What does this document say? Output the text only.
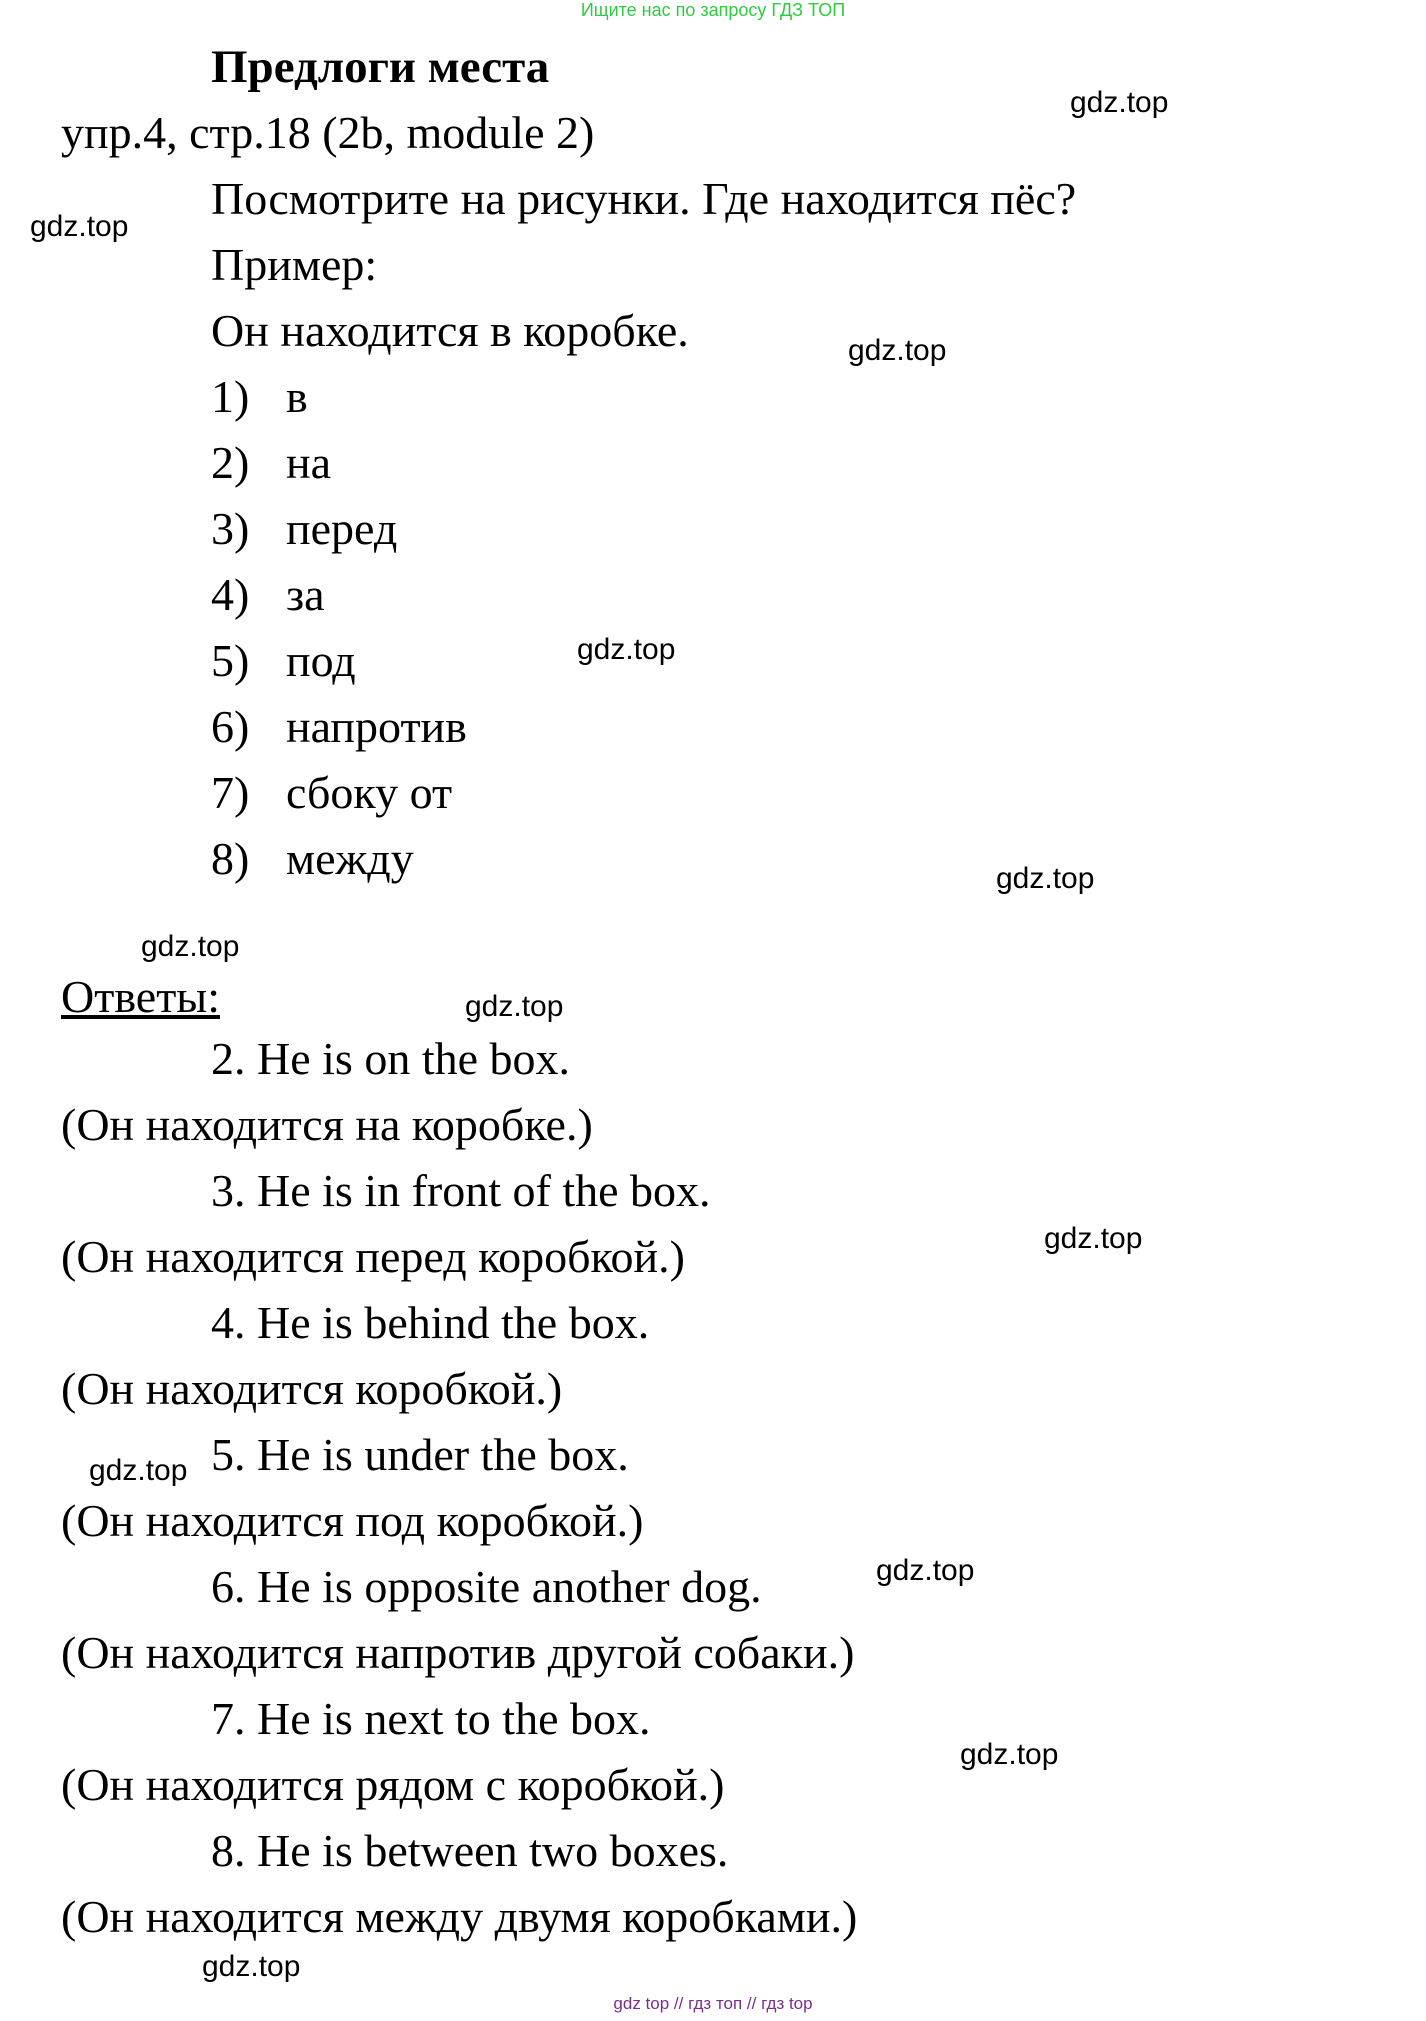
Ищите нас по запросу ГДЗ ТОП
Предлоги места
упр.4, стр.18 (2b, module 2)
Посмотрите на рисунки. Где находится пёс?
Пример:
Он находится в коробке.
1) в
2) на
3) перед
4) за
5) под
6) напротив
7) сбоку от
8) между
Ответы:
2. He is on the box.
(Он находится на коробке.)
3. He is in front of the box.
(Он находится перед коробкой.)
4. He is behind the box.
(Он находится коробкой.)
5. He is under the box.
(Он находится под коробкой.)
6. He is opposite another dog.
(Он находится напротив другой собаки.)
7. He is next to the box.
(Он находится рядом с коробкой.)
8. He is between two boxes.
(Он находится между двумя коробками.)
gdz.top
gdz.top
gdz.top
gdz.top
gdz.top
gdz.top
gdz.top
gdz.top
gdz.top
gdz.top
gdz.top
gdz.top
gdz top // гдз топ // гдз top
